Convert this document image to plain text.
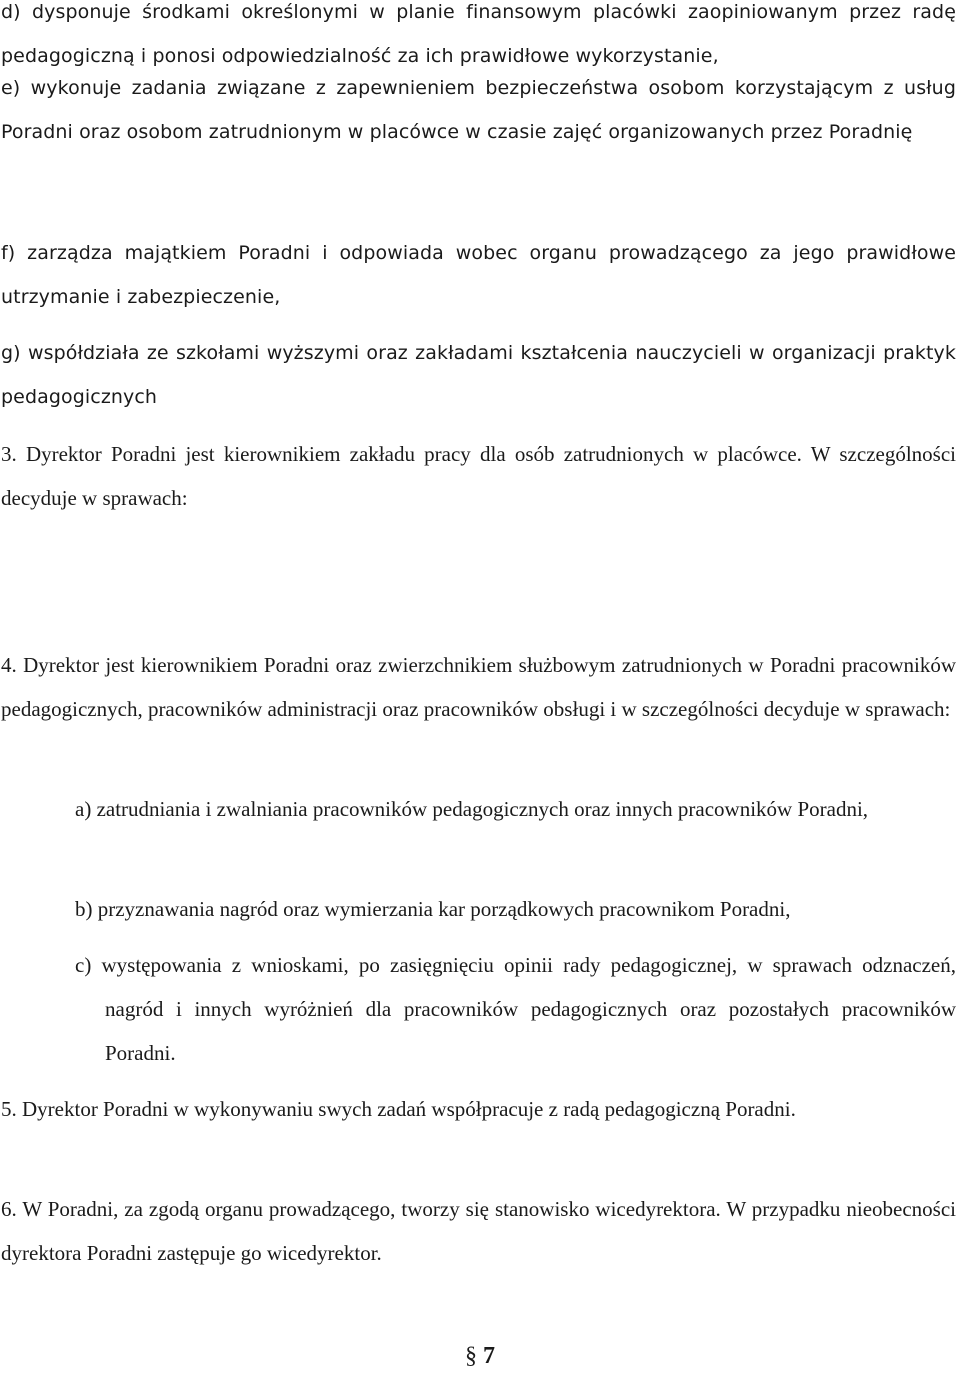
d) dysponuje środkami określonymi w planie finansowym placówki zaopiniowanym przez radę pedagogiczną i ponosi odpowiedzialność za ich prawidłowe wykorzystanie,

e) wykonuje zadania związane z zapewnieniem bezpieczeństwa osobom korzystającym z usług Poradni oraz osobom zatrudnionym w placówce w czasie zajęć organizowanych przez Poradnię

f) zarządza majątkiem Poradni i odpowiada wobec organu prowadzącego za jego prawidłowe utrzymanie i zabezpieczenie,

g) współdziała ze szkołami wyższymi oraz zakładami kształcenia nauczycieli w organizacji praktyk pedagogicznych

3. Dyrektor Poradni jest kierownikiem zakładu pracy dla osób zatrudnionych w placówce. W szczególności decyduje w sprawach:

4. Dyrektor jest kierownikiem Poradni oraz zwierzchnikiem służbowym zatrudnionych w Poradni pracowników pedagogicznych, pracowników administracji oraz pracowników obsługi i w szczególności decyduje w sprawach:

a) zatrudniania i zwalniania pracowników pedagogicznych oraz innych pracowników Poradni,

b) przyznawania nagród oraz wymierzania kar porządkowych pracownikom Poradni,

c) występowania z wnioskami, po zasięgnięciu opinii rady pedagogicznej, w sprawach odznaczeń, nagród i innych wyróżnień dla pracowników pedagogicznych oraz pozostałych pracowników Poradni.

5. Dyrektor Poradni w wykonywaniu swych zadań współpracuje z radą pedagogiczną Poradni.

6. W Poradni, za zgodą organu prowadzącego, tworzy się stanowisko wicedyrektora. W przypadku nieobecności dyrektora Poradni zastępuje go wicedyrektor.

§ 7
